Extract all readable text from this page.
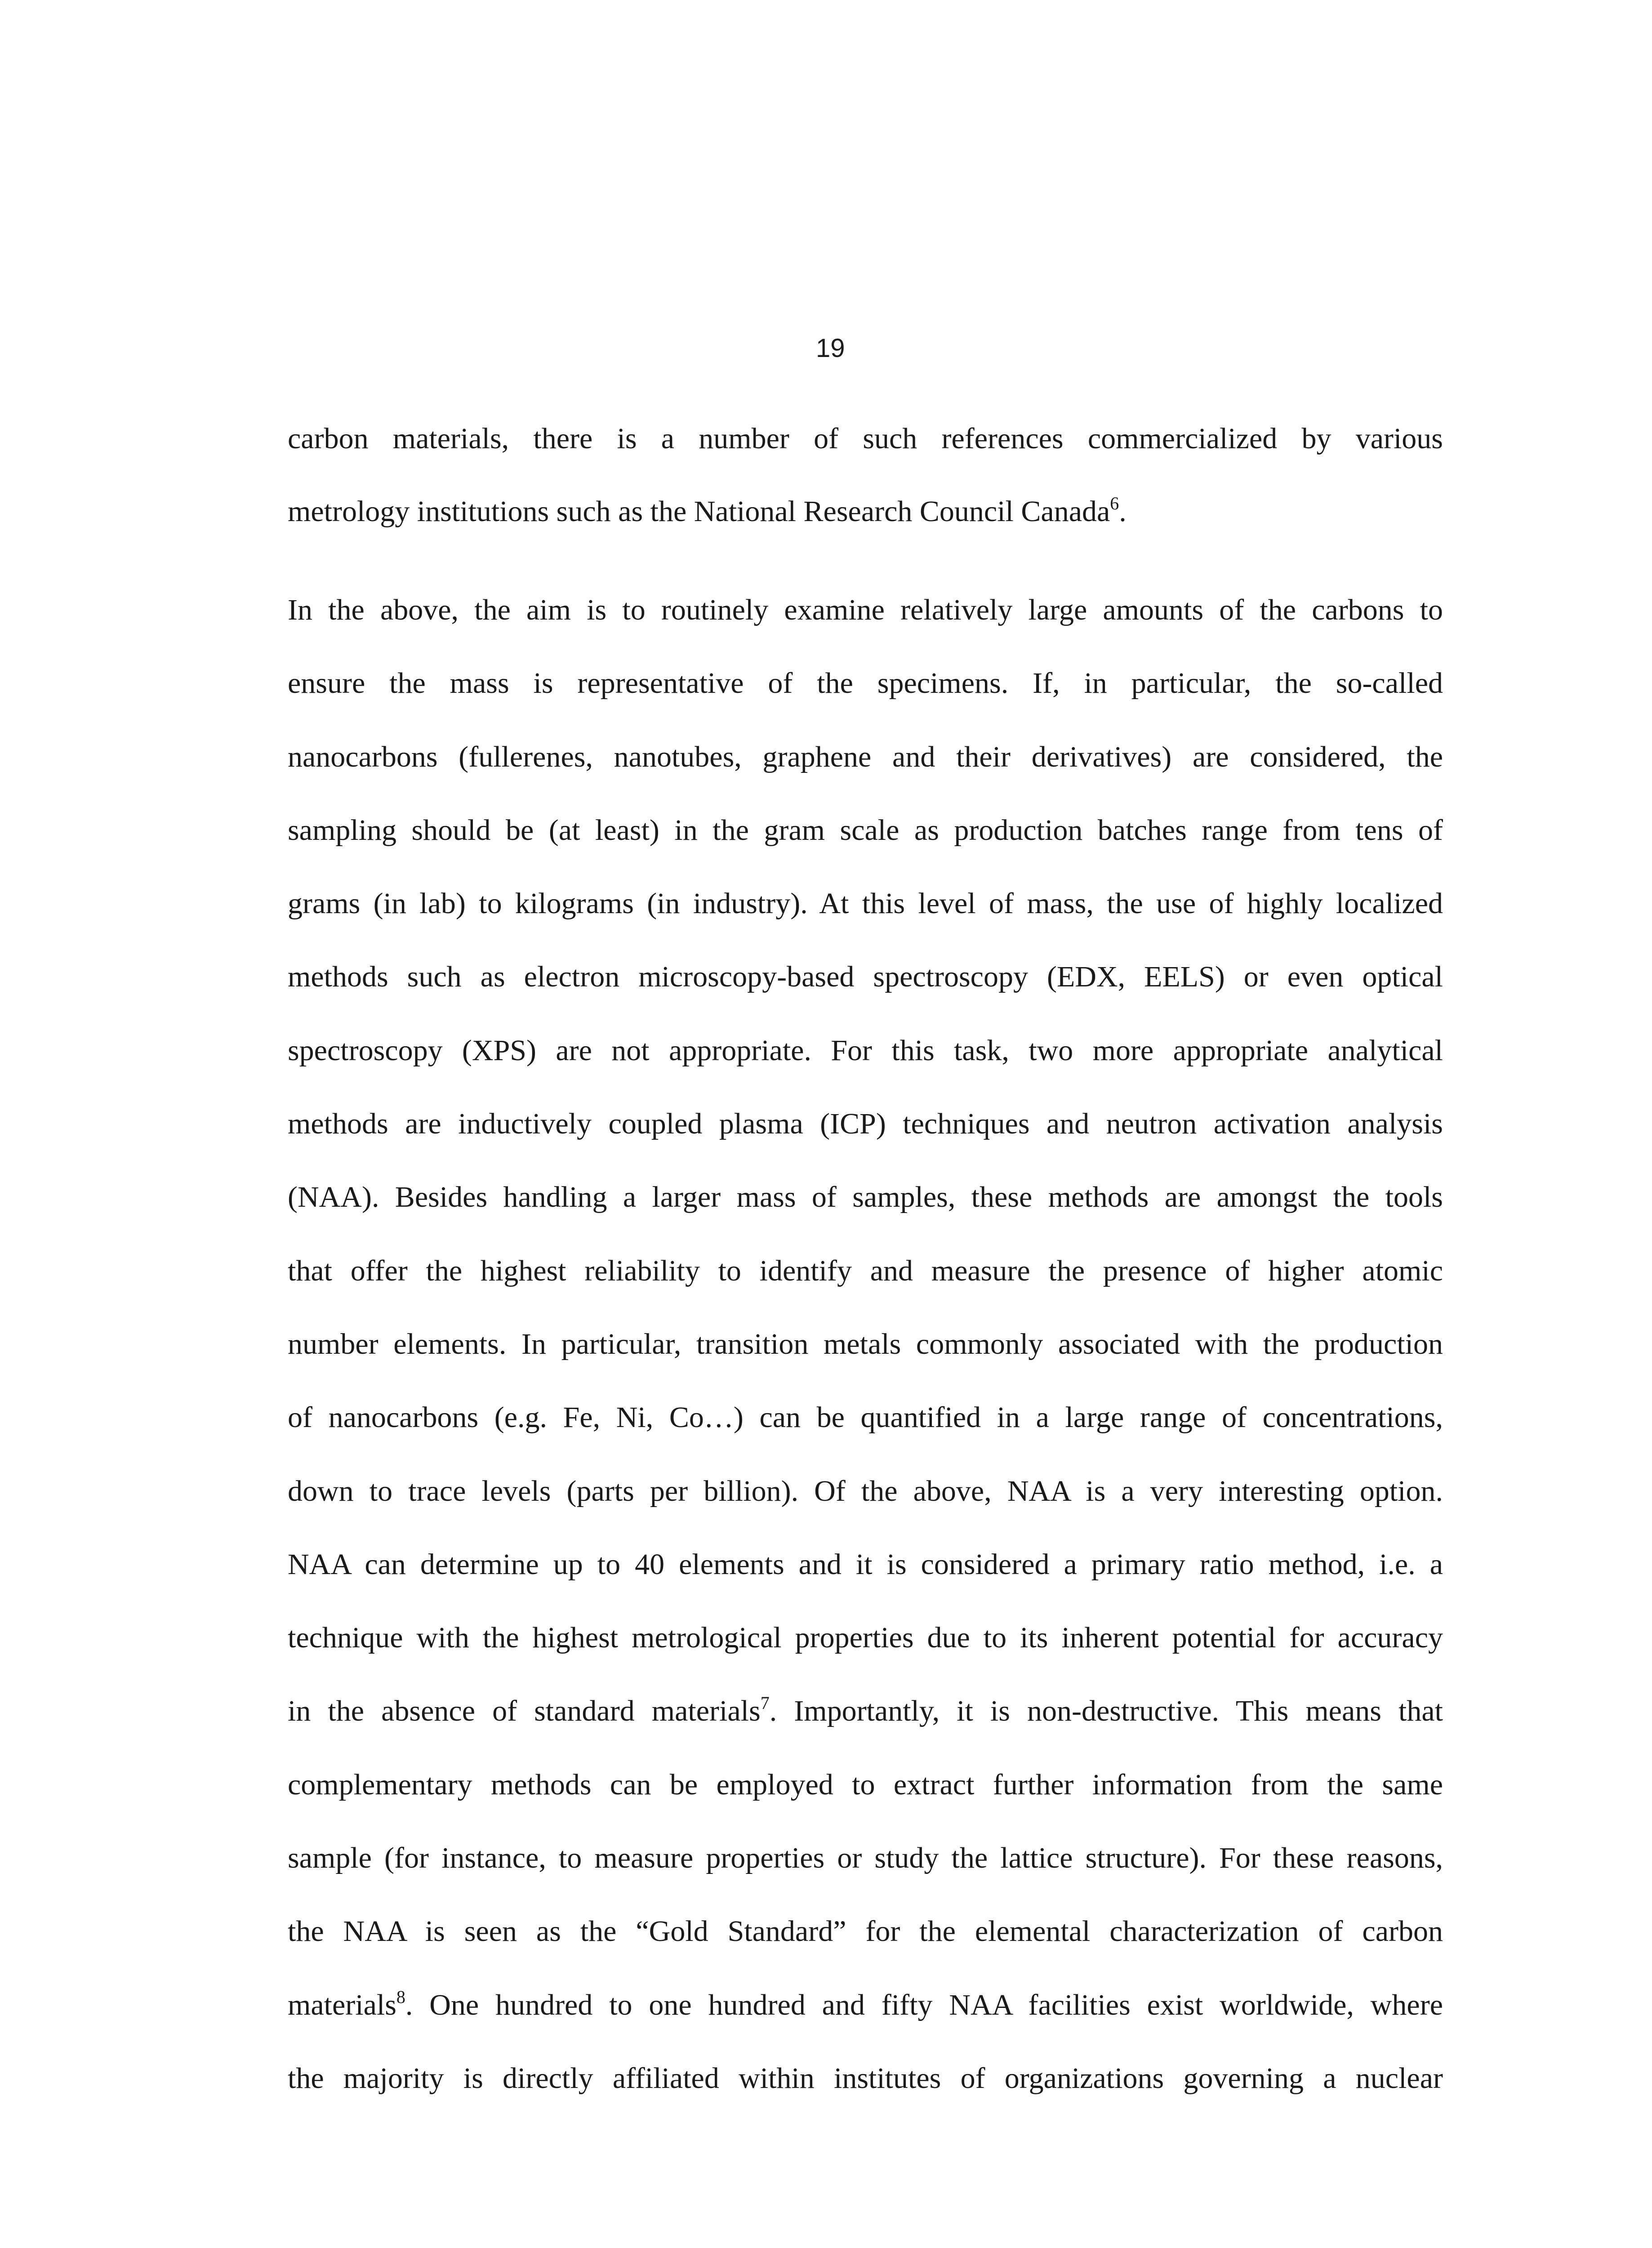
19
carbon materials, there is a number of such references commercialized by various
metrology institutions such as the National Research Council Canada$^6$.
In the above, the aim is to routinely examine relatively large amounts of the carbons to
ensure the mass is representative of the specimens. If, in particular, the so-called
nanocarbons (fullerenes, nanotubes, graphene and their derivatives) are considered, the
sampling should be (at least) in the gram scale as production batches range from tens of
grams (in lab) to kilograms (in industry). At this level of mass, the use of highly localized
methods such as electron microscopy-based spectroscopy (EDX, EELS) or even optical
spectroscopy (XPS) are not appropriate. For this task, two more appropriate analytical
methods are inductively coupled plasma (ICP) techniques and neutron activation analysis
(NAA). Besides handling a larger mass of samples, these methods are amongst the tools
that offer the highest reliability to identify and measure the presence of higher atomic
number elements. In particular, transition metals commonly associated with the production
of nanocarbons (e.g. Fe, Ni, Co…) can be quantified in a large range of concentrations,
down to trace levels (parts per billion). Of the above, NAA is a very interesting option.
NAA can determine up to 40 elements and it is considered a primary ratio method, i.e. a
technique with the highest metrological properties due to its inherent potential for accuracy
in the absence of standard materials$^7$. Importantly, it is non-destructive. This means that
complementary methods can be employed to extract further information from the same
sample (for instance, to measure properties or study the lattice structure). For these reasons,
the NAA is seen as the “Gold Standard” for the elemental characterization of carbon
materials$^8$. One hundred to one hundred and fifty NAA facilities exist worldwide, where
the majority is directly affiliated within institutes of organizations governing a nuclear
